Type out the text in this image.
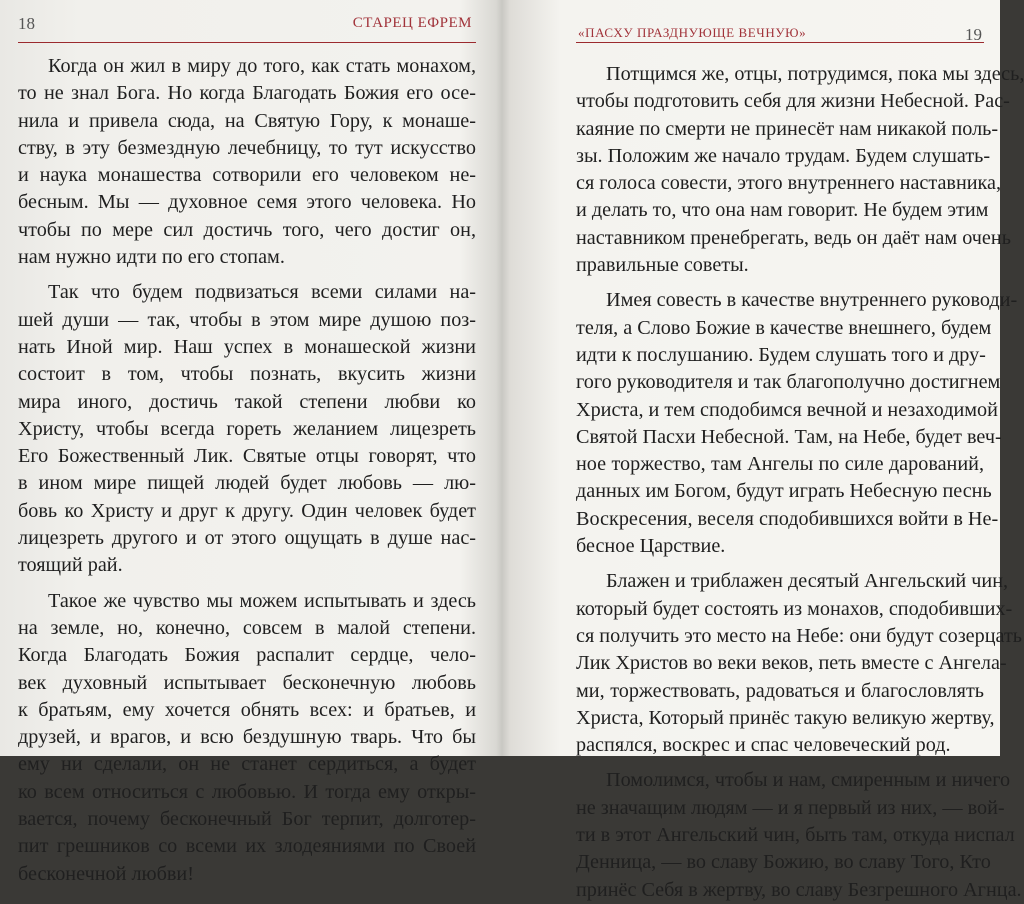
18	СТАРЕЦ ЕФРЕМ
Когда он жил в миру до того, как стать монахом,
то не знал Бога. Но когда Благодать Божия его осе-
нила и привела сюда, на Святую Гору, к монаше-
ству, в эту безмездную лечебницу, то тут искусство
и наука монашества сотворили его человеком не-
бесным. Мы — духовное семя этого человека. Но
чтобы по мере сил достичь того, чего достиг он,
нам нужно идти по его стопам.
Так что будем подвизаться всеми силами на-
шей души — так, чтобы в этом мире душою поз-
нать Иной мир. Наш успех в монашеской жизни
состоит в том, чтобы познать, вкусить жизни
мира иного, достичь такой степени любви ко
Христу, чтобы всегда гореть желанием лицезреть
Его Божественный Лик. Святые отцы говорят, что
в ином мире пищей людей будет любовь — лю-
бовь ко Христу и друг к другу. Один человек будет
лицезреть другого и от этого ощущать в душе нас-
тоящий рай.
Такое же чувство мы можем испытывать и здесь
на земле, но, конечно, совсем в малой степени.
Когда Благодать Божия распалит сердце, чело-
век духовный испытывает бесконечную любовь
к братьям, ему хочется обнять всех: и братьев, и
друзей, и врагов, и всю бездушную тварь. Что бы
ему ни сделали, он не станет сердиться, а будет
ко всем относиться с любовью. И тогда ему откры-
вается, почему бесконечный Бог терпит, долготер-
пит грешников со всеми их злодеяниями по Своей
бесконечной любви!
«ПАСХУ ПРАЗДНУЮЩЕ ВЕЧНУЮ»	19
Потщимся же, отцы, потрудимся, пока мы здесь,
чтобы подготовить себя для жизни Небесной. Рас-
каяние по смерти не принесёт нам никакой поль-
зы. Положим же начало трудам. Будем слушать-
ся голоса совести, этого внутреннего наставника,
и делать то, что она нам говорит. Не будем этим
наставником пренебрегать, ведь он даёт нам очень
правильные советы.
Имея совесть в качестве внутреннего руководи-
теля, а Слово Божие в качестве внешнего, будем
идти к послушанию. Будем слушать того и дру-
гого руководителя и так благополучно достигнем
Христа, и тем сподобимся вечной и незаходимой
Святой Пасхи Небесной. Там, на Небе, будет веч-
ное торжество, там Ангелы по силе дарований,
данных им Богом, будут играть Небесную песнь
Воскресения, веселя сподобившихся войти в Не-
бесное Царствие.
Блажен и триблажен десятый Ангельский чин,
который будет состоять из монахов, сподобивших-
ся получить это место на Небе: они будут созерцать
Лик Христов во веки веков, петь вместе с Ангела-
ми, торжествовать, радоваться и благословлять
Христа, Который принёс такую великую жертву,
распялся, воскрес и спас человеческий род.
Помолимся, чтобы и нам, смиренным и ничего
не значащим людям — и я первый из них, — вой-
ти в этот Ангельский чин, быть там, откуда ниспал
Денница, — во славу Божию, во славу Того, Кто
принёс Себя в жертву, во славу Безгрешного Агнца.
